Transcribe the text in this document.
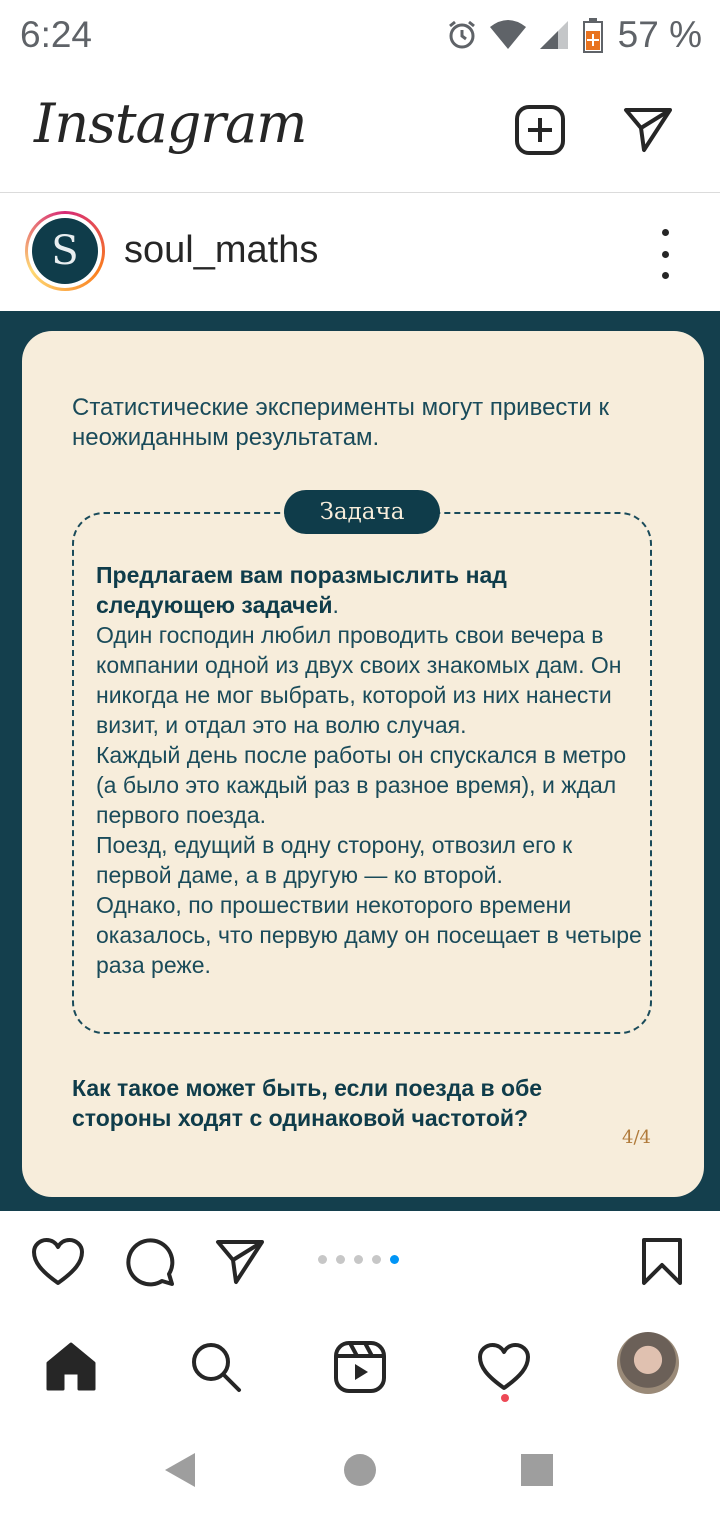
6:24	57 %
Instagram
S	soul_maths
Статистические эксперименты могут привести к неожиданным результатам.
Задача
Предлагаем вам поразмыслить над следующею задачей.
Один господин любил проводить свои вечера в компании одной из двух своих знакомых дам. Он никогда не мог выбрать, которой из них нанести визит, и отдал это на волю случая.
Каждый день после работы он спускался в метро (а было это каждый раз в разное время), и ждал первого поезда.
Поезд, едущий в одну сторону, отвозил его к первой даме, а в другую — ко второй.
Однако, по прошествии некоторого времени оказалось, что первую даму он посещает в четыре раза реже.
Как такое может быть, если поезда в обе стороны ходят с одинаковой частотой?
4/4
